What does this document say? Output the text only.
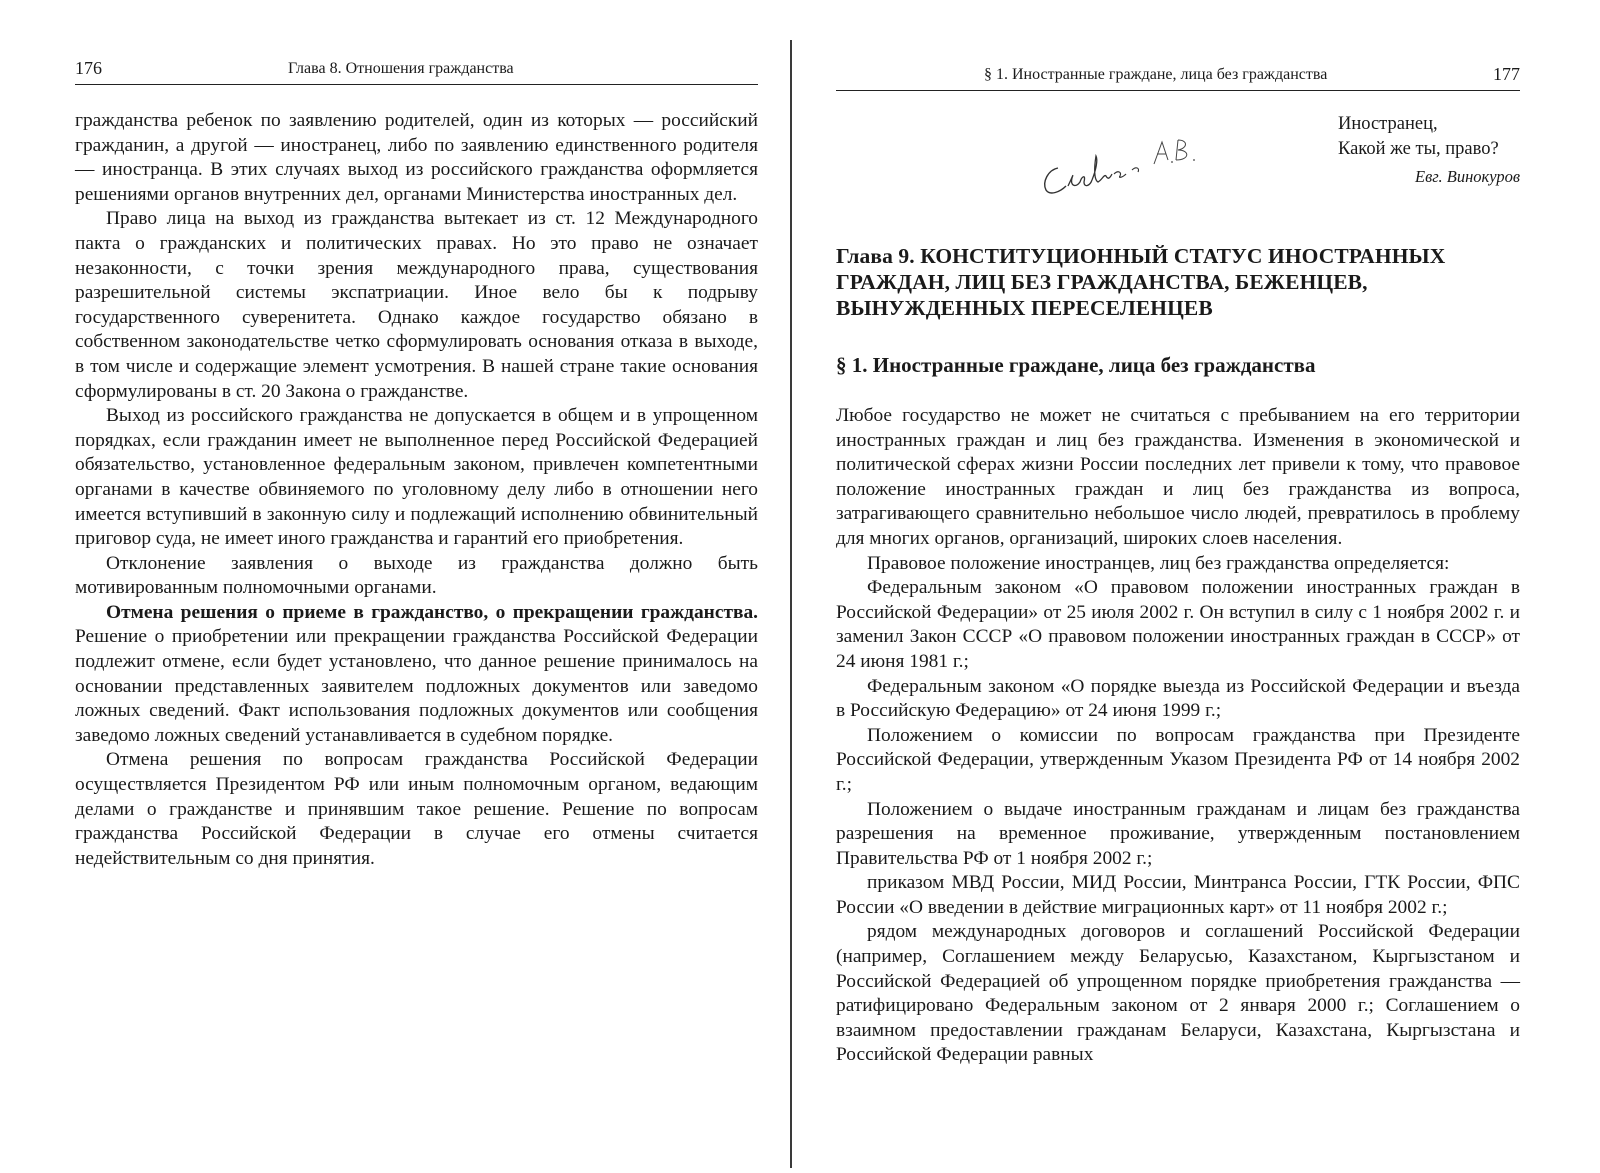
176	Глава 8. Отношения гражданства

гражданства ребенок по заявлению родителей, один из которых — российский гражданин, а другой — иностранец, либо по заявлению единственного родителя — иностранца. В этих случаях выход из российского гражданства оформляется решениями органов внутренних дел, органами Министерства иностранных дел.

Право лица на выход из гражданства вытекает из ст. 12 Международного пакта о гражданских и политических правах. Но это право не означает незаконности, с точки зрения международного права, существования разрешительной системы экспатриации. Иное вело бы к подрыву государственного суверенитета. Однако каждое государство обязано в собственном законодательстве четко сформулировать основания отказа в выходе, в том числе и содержащие элемент усмотрения. В нашей стране такие основания сформулированы в ст. 20 Закона о гражданстве.

Выход из российского гражданства не допускается в общем и в упрощенном порядках, если гражданин имеет не выполненное перед Российской Федерацией обязательство, установленное федеральным законом, привлечен компетентными органами в качестве обвиняемого по уголовному делу либо в отношении него имеется вступивший в законную силу и подлежащий исполнению обвинительный приговор суда, не имеет иного гражданства и гарантий его приобретения.

Отклонение заявления о выходе из гражданства должно быть мотивированным полномочными органами.

Отмена решения о приеме в гражданство, о прекращении гражданства. Решение о приобретении или прекращении гражданства Российской Федерации подлежит отмене, если будет установлено, что данное решение принималось на основании представленных заявителем подложных документов или заведомо ложных сведений. Факт использования подложных документов или сообщения заведомо ложных сведений устанавливается в судебном порядке.

Отмена решения по вопросам гражданства Российской Федерации осуществляется Президентом РФ или иным полномочным органом, ведающим делами о гражданстве и принявшим такое решение. Решение по вопросам гражданства Российской Федерации в случае его отмены считается недействительным со дня принятия.

§ 1. Иностранные граждане, лица без гражданства	177
Иностранец,
Какой же ты, право?
Евг. Винокуров
Глава 9. КОНСТИТУЦИОННЫЙ СТАТУС ИНОСТРАННЫХ ГРАЖДАН, ЛИЦ БЕЗ ГРАЖДАНСТВА, БЕЖЕНЦЕВ, ВЫНУЖДЕННЫХ ПЕРЕСЕЛЕНЦЕВ
§ 1. Иностранные граждане, лица без гражданства

Любое государство не может не считаться с пребыванием на его территории иностранных граждан и лиц без гражданства. Изменения в экономической и политической сферах жизни России последних лет привели к тому, что правовое положение иностранных граждан и лиц без гражданства из вопроса, затрагивающего сравнительно небольшое число людей, превратилось в проблему для многих органов, организаций, широких слоев населения.

Правовое положение иностранцев, лиц без гражданства определяется:

Федеральным законом «О правовом положении иностранных граждан в Российской Федерации» от 25 июля 2002 г. Он вступил в силу с 1 ноября 2002 г. и заменил Закон СССР «О правовом положении иностранных граждан в СССР» от 24 июня 1981 г.;

Федеральным законом «О порядке выезда из Российской Федерации и въезда в Российскую Федерацию» от 24 июня 1999 г.;

Положением о комиссии по вопросам гражданства при Президенте Российской Федерации, утвержденным Указом Президента РФ от 14 ноября 2002 г.;

Положением о выдаче иностранным гражданам и лицам без гражданства разрешения на временное проживание, утвержденным постановлением Правительства РФ от 1 ноября 2002 г.;

приказом МВД России, МИД России, Минтранса России, ГТК России, ФПС России «О введении в действие миграционных карт» от 11 ноября 2002 г.;

рядом международных договоров и соглашений Российской Федерации (например, Соглашением между Беларусью, Казахстаном, Кыргызстаном и Российской Федерацией об упрощенном порядке приобретения гражданства — ратифицировано Федеральным законом от 2 января 2000 г.; Соглашением о взаимном предоставлении гражданам Беларуси, Казахстана, Кыргызстана и Российской Федерации равных
